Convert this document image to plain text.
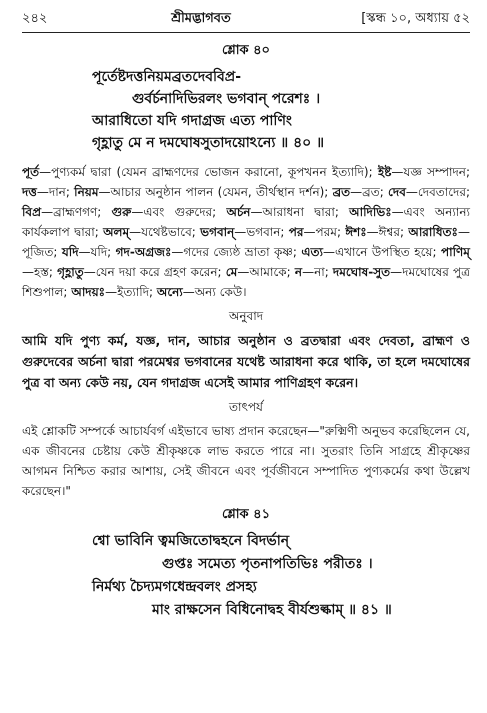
২৪২	শ্রীমদ্ভাগবত	[স্কন্ধ ১০, অধ্যায় ৫২
শ্লোক ৪০
পূর্তেষ্টদত্তনিয়মব্রতদেববিপ্র-
গুর্বর্চনাদিভিরলং ভগবান্ পরেশঃ ।
আরাধিতো যদি গদাগ্রজ এত্য পাণিং
গৃহ্ণাতু মে ন দমঘোষসুতাদয়োঽন্যে ॥ ৪০ ॥
পূর্ত—পুণ্যকর্ম দ্বারা (যেমন ব্রাহ্মণদের ভোজন করানো, কূপখনন ইত্যাদি); ইষ্ট—যজ্ঞ সম্পাদন; দত্ত—দান; নিয়ম—আচার অনুষ্ঠান পালন (যেমন, তীর্থস্থান দর্শন); ব্রত—ব্রত; দেব—দেবতাদের; বিপ্র—ব্রাহ্মণগণ; গুরু—এবং গুরুদের; অর্চন—আরাধনা দ্বারা; আদিভিঃ—এবং অন্যান্য কার্যকলাপ দ্বারা; অলম্—যথেষ্টভাবে; ভগবান্—ভগবান; পর—পরম; ঈশঃ—ঈশ্বর; আরাধিতঃ—পূজিত; যদি—যদি; গদ-অগ্রজঃ—গদের জ্যেষ্ঠ ভ্রাতা কৃষ্ণ; এত্য—এখানে উপস্থিত হয়ে; পাণিম্—হস্ত; গৃহ্ণাতু—যেন দয়া করে গ্রহণ করেন; মে—আমাকে; ন—না; দমঘোষ-সুত—দমঘোষের পুত্র শিশুপাল; আদয়ঃ—ইত্যাদি; অন্যে—অন্য কেউ।
অনুবাদ
আমি যদি পুণ্য কর্ম, যজ্ঞ, দান, আচার অনুষ্ঠান ও ব্রতদ্বারা এবং দেবতা, ব্রাহ্মণ ও গুরুদেবের অর্চনা দ্বারা পরমেশ্বর ভগবানের যথেষ্ট আরাধনা করে থাকি, তা হলে দমঘোষের পুত্র বা অন্য কেউ নয়, যেন গদাগ্রজ এসেই আমার পাণিগ্রহণ করেন।
তাৎপর্য
এই শ্লোকটি সম্পর্কে আচার্যবর্গ এইভাবে ভাষ্য প্রদান করেছেন—"রুক্মিণী অনুভব করেছিলেন যে, এক জীবনের চেষ্টায় কেউ শ্রীকৃষ্ণকে লাভ করতে পারে না। সুতরাং তিনি সাগ্রহে শ্রীকৃষ্ণের আগমন নিশ্চিত করার আশায়, সেই জীবনে এবং পূর্বজীবনে সম্পাদিত পুণ্যকর্মের কথা উল্লেখ করেছেন।"
শ্লোক ৪১
শ্বো ভাবিনি ত্বমজিতোদ্বহনে বিদর্ভান্
গুপ্তঃ সমেত্য পৃতনাপতিভিঃ পরীতঃ ।
নির্মথ্য চৈদ্যমগধেন্দ্রবলং প্রসহ্য
মাং রাক্ষসেন বিধিনোদ্বহ বীর্যশুল্কাম্ ॥ ৪১ ॥
